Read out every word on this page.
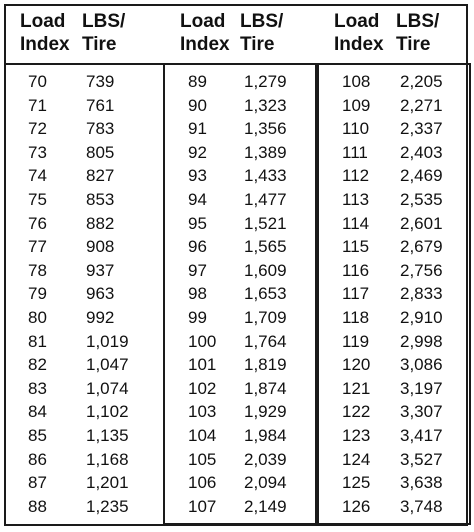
Load
Index
LBS/
Tire
Load
Index
LBS/
Tire
Load
Index
LBS/
Tire
70 739
71 761
72 783
73 805
74 827
75 853
76 882
77 908
78 937
79 963
80 992
81 1,019
82 1,047
83 1,074
84 1,102
85 1,135
86 1,168
87 1,201
88 1,235
89 1,279
90 1,323
91 1,356
92 1,389
93 1,433
94 1,477
95 1,521
96 1,565
97 1,609
98 1,653
99 1,709
100 1,764
101 1,819
102 1,874
103 1,929
104 1,984
105 2,039
106 2,094
107 2,149
108 2,205
109 2,271
110 2,337
111 2,403
112 2,469
113 2,535
114 2,601
115 2,679
116 2,756
117 2,833
118 2,910
119 2,998
120 3,086
121 3,197
122 3,307
123 3,417
124 3,527
125 3,638
126 3,748
